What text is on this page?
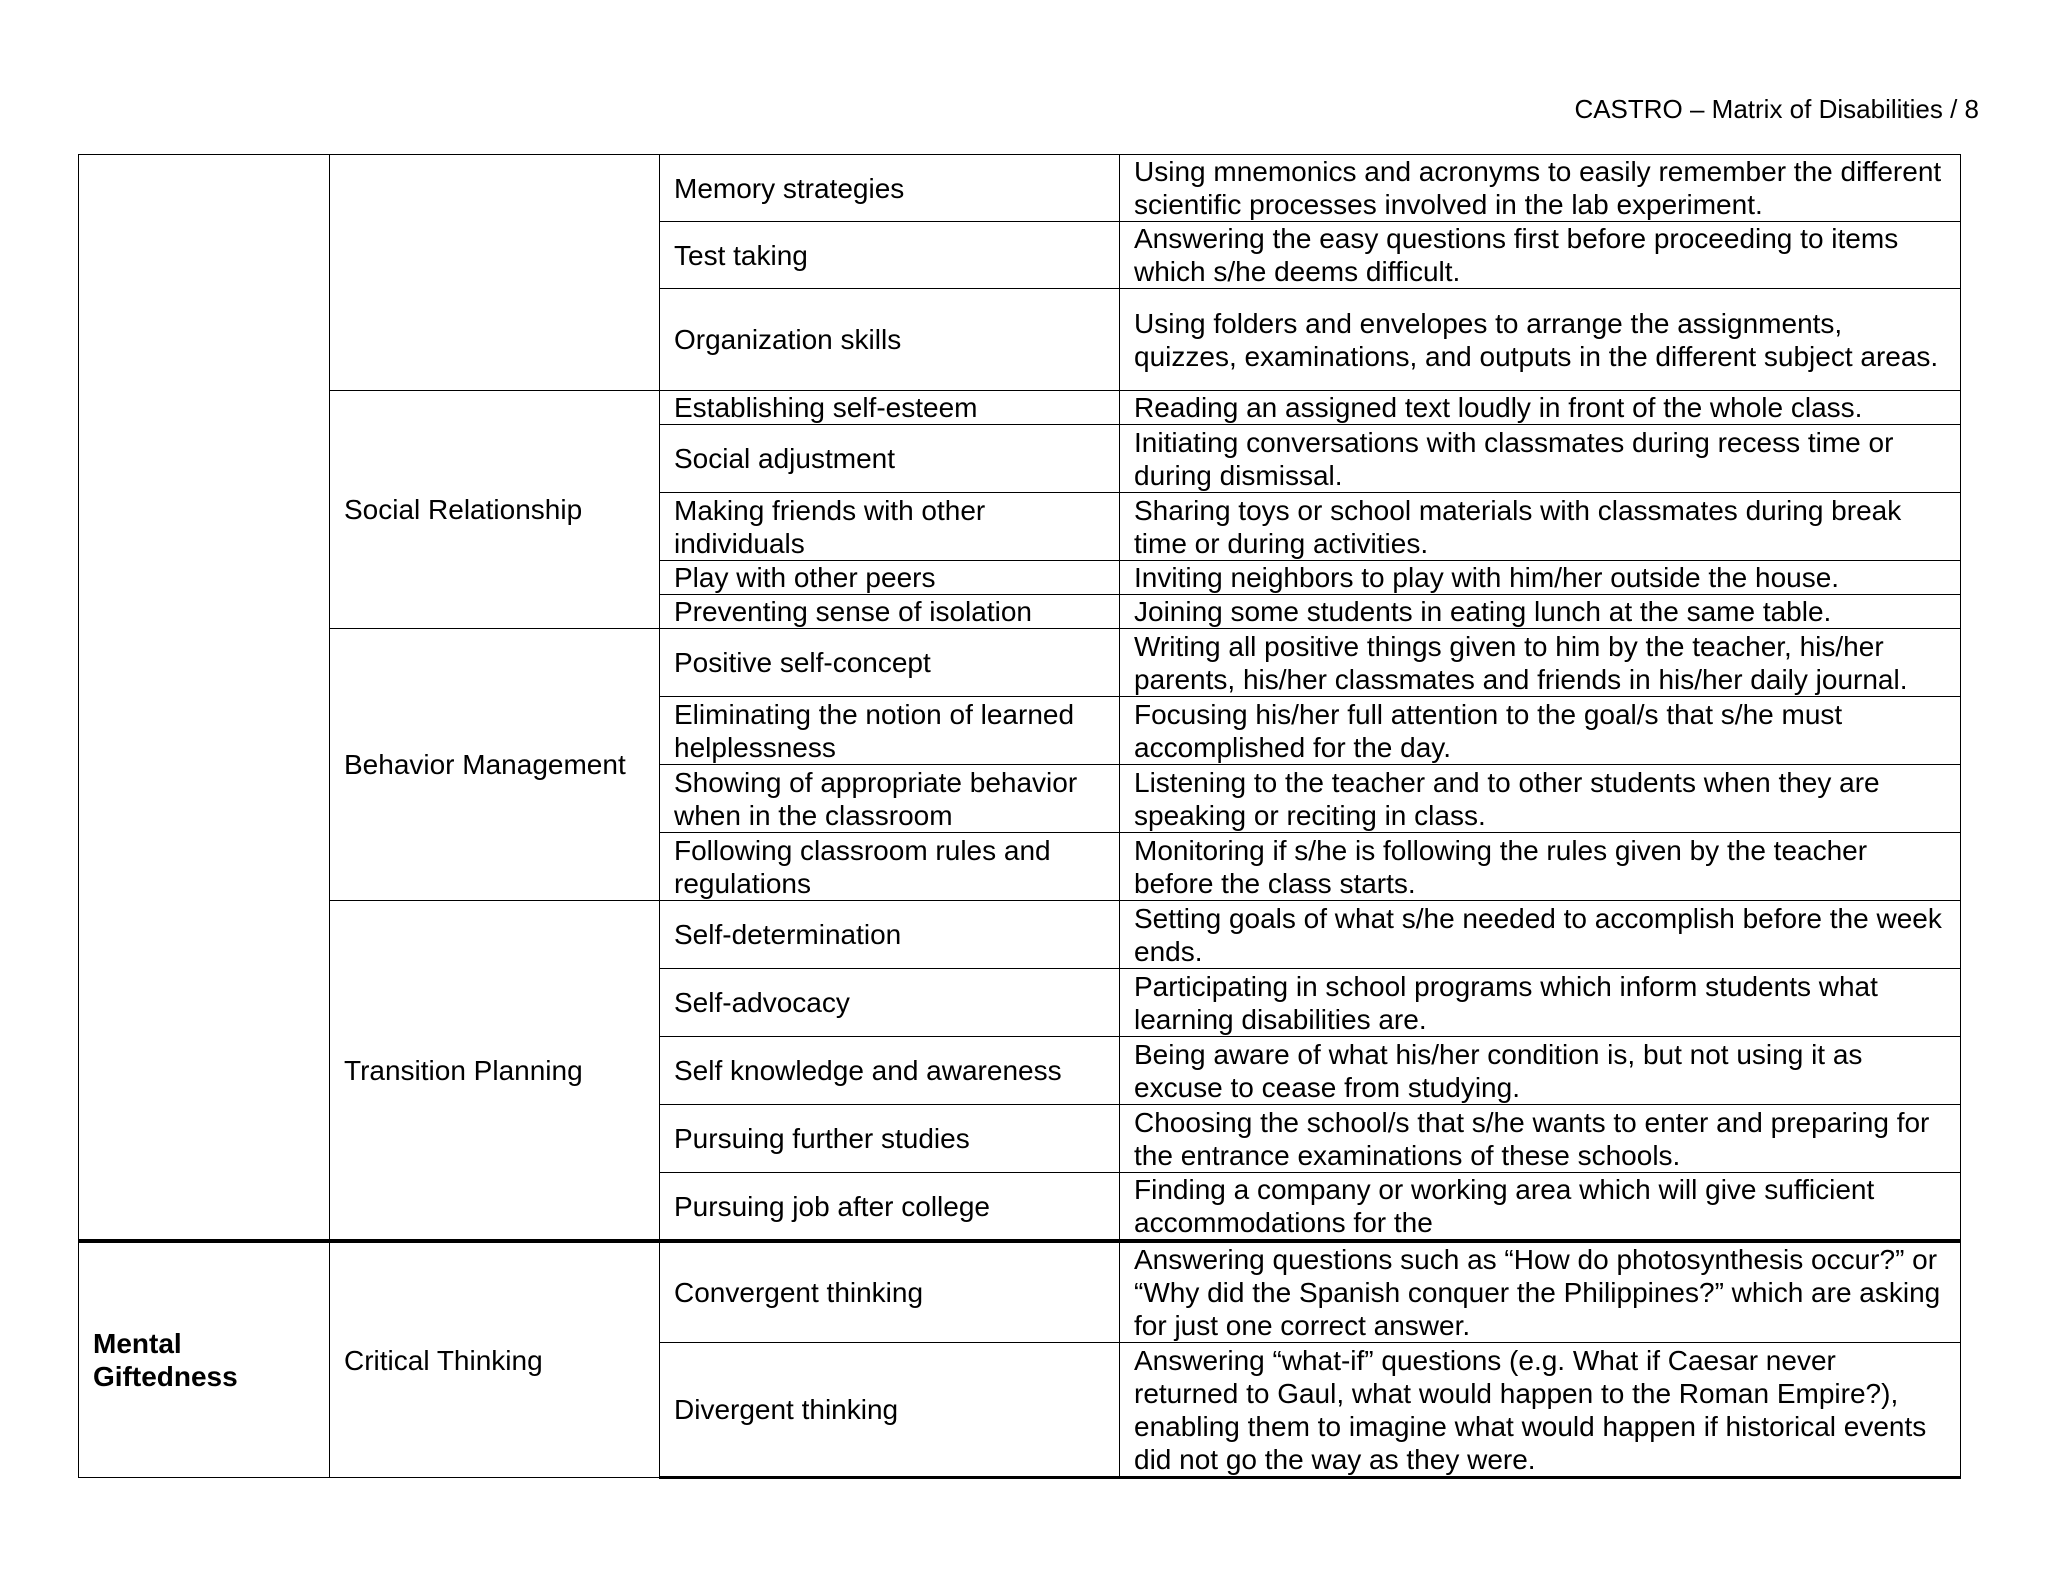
CASTRO – Matrix of Disabilities / 8
		Memory strategies	Using mnemonics and acronyms to easily remember the different scientific processes involved in the lab experiment.
		Test taking	Answering the easy questions first before proceeding to items which s/he deems difficult.
		Organization skills	Using folders and envelopes to arrange the assignments, quizzes, examinations, and outputs in the different subject areas.
	Social Relationship	Establishing self-esteem	Reading an assigned text loudly in front of the whole class.
		Social adjustment	Initiating conversations with classmates during recess time or during dismissal.
		Making friends with other individuals	Sharing toys or school materials with classmates during break time or during activities.
		Play with other peers	Inviting neighbors to play with him/her outside the house.
		Preventing sense of isolation	Joining some students in eating lunch at the same table.
	Behavior Management	Positive self-concept	Writing all positive things given to him by the teacher, his/her parents, his/her classmates and friends in his/her daily journal.
		Eliminating the notion of learned helplessness	Focusing his/her full attention to the goal/s that s/he must accomplished for the day.
		Showing of appropriate behavior when in the classroom	Listening to the teacher and to other students when they are speaking or reciting in class.
		Following classroom rules and regulations	Monitoring if s/he is following the rules given by the teacher before the class starts.
	Transition Planning	Self-determination	Setting goals of what s/he needed to accomplish before the week ends.
		Self-advocacy	Participating in school programs which inform students what learning disabilities are.
		Self knowledge and awareness	Being aware of what his/her condition is, but not using it as excuse to cease from studying.
		Pursuing further studies	Choosing the school/s that s/he wants to enter and preparing for the entrance examinations of these schools.
		Pursuing job after college	Finding a company or working area which will give sufficient accommodations for the
Mental Giftedness	Critical Thinking	Convergent thinking	Answering questions such as “How do photosynthesis occur?” or “Why did the Spanish conquer the Philippines?” which are asking for just one correct answer.
		Divergent thinking	Answering “what-if” questions (e.g. What if Caesar never returned to Gaul, what would happen to the Roman Empire?), enabling them to imagine what would happen if historical events did not go the way as they were.
